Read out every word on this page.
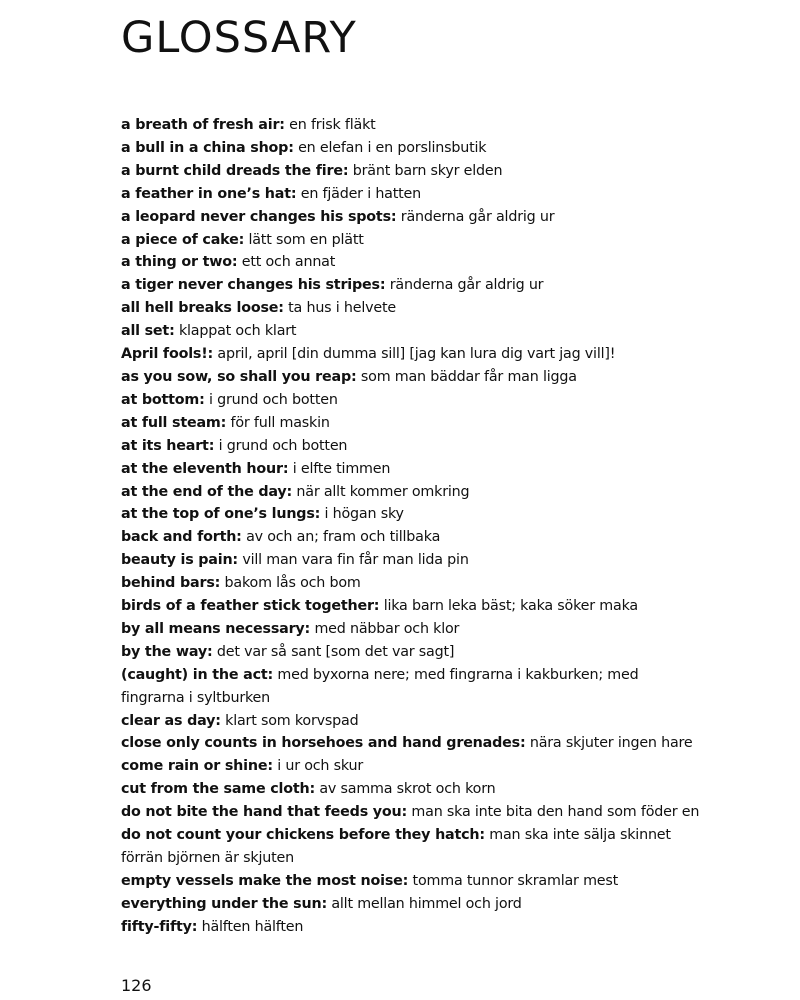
GLOSSARY
a breath of fresh air: en frisk fläkt
a bull in a china shop: en elefan i en porslinsbutik
a burnt child dreads the fire: bränt barn skyr elden
a feather in one’s hat: en fjäder i hatten
a leopard never changes his spots: ränderna går aldrig ur
a piece of cake: lätt som en plätt
a thing or two: ett och annat
a tiger never changes his stripes: ränderna går aldrig ur
all hell breaks loose: ta hus i helvete
all set: klappat och klart
April fools!: april, april [din dumma sill] [jag kan lura dig vart jag vill]!
as you sow, so shall you reap: som man bäddar får man ligga
at bottom: i grund och botten
at full steam: för full maskin
at its heart: i grund och botten
at the eleventh hour: i elfte timmen
at the end of the day: när allt kommer omkring
at the top of one’s lungs: i högan sky
back and forth: av och an; fram och tillbaka
beauty is pain: vill man vara fin får man lida pin
behind bars: bakom lås och bom
birds of a feather stick together: lika barn leka bäst; kaka söker maka
by all means necessary: med näbbar och klor
by the way: det var så sant [som det var sagt]
(caught) in the act: med byxorna nere; med fingrarna i kakburken; med fingrarna i syltburken
clear as day: klart som korvspad
close only counts in horsehoes and hand grenades: nära skjuter ingen hare
come rain or shine: i ur och skur
cut from the same cloth: av samma skrot och korn
do not bite the hand that feeds you: man ska inte bita den hand som föder en
do not count your chickens before they hatch: man ska inte sälja skinnet förrän björnen är skjuten
empty vessels make the most noise: tomma tunnor skramlar mest
everything under the sun: allt mellan himmel och jord
fifty-fifty: hälften hälften
126
